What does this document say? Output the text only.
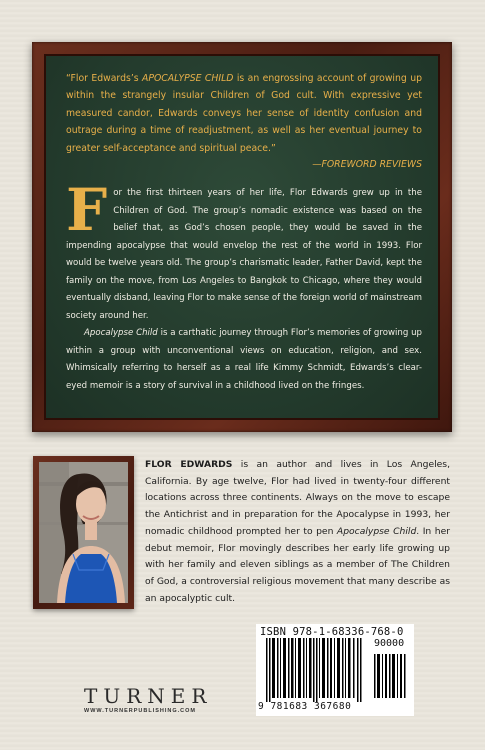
“Flor Edwards’s APOCALYPSE CHILD is an engrossing account of growing up within the strangely insular Children of God cult. With expressive yet measured candor, Edwards conveys her sense of identity confusion and outrage during a time of readjustment, as well as her eventual journey to greater self-acceptance and spiritual peace.”

—FOREWORD REVIEWS

For the first thirteen years of her life, Flor Edwards grew up in the Children of God. The group’s nomadic existence was based on the belief that, as God’s chosen people, they would be saved in the impending apocalypse that would envelop the rest of the world in 1993. Flor would be twelve years old. The group’s charismatic leader, Father David, kept the family on the move, from Los Angeles to Bangkok to Chicago, where they would eventually disband, leaving Flor to make sense of the foreign world of mainstream society around her.

Apocalypse Child is a carthatic journey through Flor’s memories of growing up within a group with unconventional views on education, religion, and sex. Whimsically referring to herself as a real life Kimmy Schmidt, Edwards’s clear-eyed memoir is a story of survival in a childhood lived on the fringes.

FLOR EDWARDS is an author and lives in Los Angeles, California. By age twelve, Flor had lived in twenty-four different locations across three continents. Always on the move to escape the Antichrist and in preparation for the Apocalypse in 1993, her nomadic childhood prompted her to pen Apocalypse Child. In her debut memoir, Flor movingly describes her early life growing up with her family and eleven siblings as a member of The Children of God, a controversial religious movement that many describe as an apocalyptic cult.

ISBN 978-1-68336-768-0
90000
9 781683 367680
TURNER
WWW.TURNERPUBLISHING.COM
